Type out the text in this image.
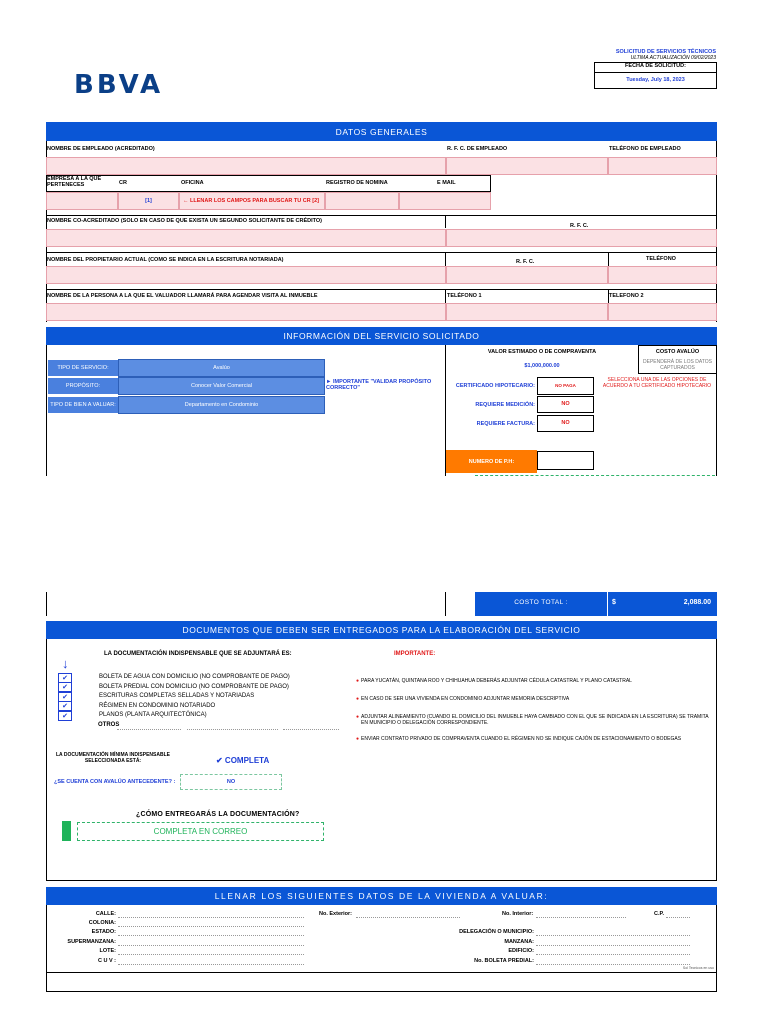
BBVA
SOLICITUD DE SERVICIOS TÉCNICOS
ULTIMA ACTUALIZACIÓN 09/02/2023
FECHA DE SOLICITUD:
Tuesday, July 18, 2023
DATOS GENERALES
NOMBRE DE EMPLEADO (ACREDITADO)	R. F. C. DE EMPLEADO	TELÉFONO DE EMPLEADO
EMPRESA A LA QUE PERTENECES	CR	OFICINA	REGISTRO DE NOMINA	E MAIL
[1]	← LLENAR LOS CAMPOS PARA BUSCAR TU CR [2]
NOMBRE CO-ACREDITADO (SOLO EN CASO DE QUE EXISTA UN SEGUNDO SOLICITANTE DE CRÉDITO)
R. F. C.
NOMBRE DEL PROPIETARIO ACTUAL (COMO SE INDICA EN LA ESCRITURA NOTARIADA)	R. F. C.	TELÉFONO
NOMBRE DE LA PERSONA A LA QUE EL VALUADOR LLAMARÁ PARA AGENDAR VISITA AL INMUEBLE	TELÉFONO 1	TELEFONO 2
INFORMACIÓN DEL SERVICIO SOLICITADO
TIPO DE SERVICIO:	Avalúo
PROPÓSITO:	Conocer Valor Comercial
TIPO DE BIEN A VALUAR:	Departamento en Condominio
► IMPORTANTE "VALIDAR PROPÓSITO CORRECTO"
VALOR ESTIMADO O DE COMPRAVENTA
$1,000,000.00
COSTO AVALÚO
DEPENDERÁ DE LOS DATOS CAPTURADOS
CERTIFICADO HIPOTECARIO:	NO PAGA
SELECCIONA UNA DE LAS OPCIONES DE ACUERDO A TU CERTIFICADO HIPOTECARIO
REQUIERE MEDICIÓN:	NO
REQUIERE FACTURA:	NO
NUMERO DE P.H:
COSTO TOTAL :	$	2,088.00
DOCUMENTOS QUE DEBEN SER ENTREGADOS PARA LA ELABORACIÓN DEL SERVICIO
LA DOCUMENTACIÓN INDISPENSABLE QUE SE ADJUNTARÁ ES:
↓
IMPORTANTE:
✔	BOLETA DE AGUA CON DOMICILIO (NO COMPROBANTE DE PAGO)
✔	BOLETA PREDIAL CON DOMICILIO (NO COMPROBANTE DE PAGO)
✔	ESCRITURAS COMPLETAS SELLADAS Y NOTARIADAS
✔	RÉGIMEN EN CONDOMINIO NOTARIADO
✔	PLANOS (PLANTA ARQUITECTÓNICA)
OTROS
● PARA YUCATÁN, QUINTANA ROO Y CHIHUAHUA DEBERÁS ADJUNTAR CÉDULA CATASTRAL Y PLANO CATASTRAL
● EN CASO DE SER UNA VIVIENDA EN CONDOMINIO ADJUNTAR MEMORIA DESCRIPTIVA
● ADJUNTAR ALINEAMIENTO (CUANDO EL DOMICILIO DEL INMUEBLE HAYA CAMBIADO CON EL QUE SE INDICADA EN LA ESCRITURA) SE TRAMITA EN MUNICIPIO O DELEGACIÓN CORRESPONDIENTE.
● ENVIAR CONTRATO PRIVADO DE COMPRAVENTA CUANDO EL RÉGIMEN NO SE INDIQUE CAJÓN DE ESTACIONAMIENTO O BODEGAS
LA DOCUMENTACIÓN MÍNIMA INDISPENSABLE SELECCIONADA ESTÁ:	✔ COMPLETA
¿SE CUENTA CON AVALÚO ANTECEDENTE? :	NO
¿CÓMO ENTREGARÁS LA DOCUMENTACIÓN?
COMPLETA EN CORREO
LLENAR LOS SIGUIENTES DATOS DE LA VIVIENDA A VALUAR:
CALLE:	No. Exterior:	No. Interior:	C.P.
COLONIA:
ESTADO:	DELEGACIÓN O MUNICIPIO:
SUPERMANZANA:	MANZANA:
LOTE:	EDIFICIO:
C U V :	No. BOLETA PREDIAL:
Sol Tecnicos en uso
